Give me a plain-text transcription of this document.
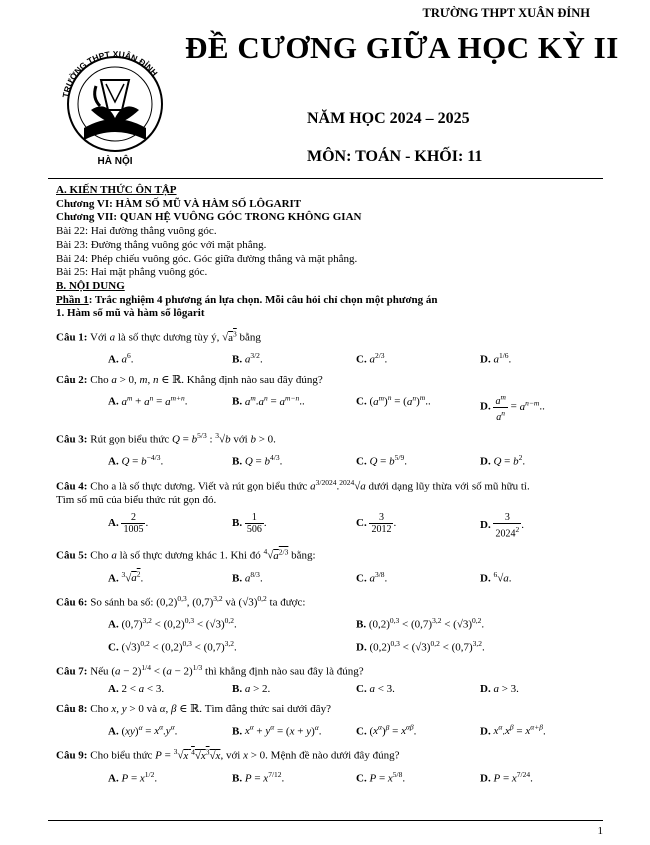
TRƯỜNG THPT XUÂN ĐỈNH
TRƯỜNG THPT XUÂN ĐỈNH
HÀ NỘI
ĐỀ CƯƠNG GIỮA HỌC KỲ II
NĂM HỌC 2024 – 2025
MÔN: TOÁN - KHỐI: 11
A. KIẾN THỨC ÔN TẬP
Chương VI: HÀM SỐ MŨ VÀ HÀM SỐ LÔGARIT
Chương VII: QUAN HỆ VUÔNG GÓC TRONG KHÔNG GIAN
Bài 22: Hai đường thẳng vuông góc.
Bài 23: Đường thẳng vuông góc với mặt phẳng.
Bài 24: Phép chiếu vuông góc. Góc giữa đường thẳng và mặt phẳng.
Bài 25: Hai mặt phẳng vuông góc.
B. NỘI DUNG
Phần 1: Trắc nghiệm 4 phương án lựa chọn. Mỗi câu hỏi chỉ chọn một phương án
1. Hàm số mũ và hàm số lôgarit
Câu 1: Với a là số thực dương tùy ý, $√a^3$ bằng
A. $a^6$.	B. $a^{3/2}$.	C. $a^{2/3}$.	D. $a^{1/6}$.
Câu 2: Cho a > 0, m, n ∈ ℝ. Khẳng định nào sau đây đúng?
A. $a^m + a^n = a^{m+n}$.	B. $a^m.a^n = a^{m-n}$..	C. $(a^m)^n = (a^n)^m$..	D. $\frac{a^m}{a^n} = a^{n-m}$..
Câu 3: Rút gọn biểu thức $Q = b^{5/3}$ : $^3$√b với b > 0.
A. $Q = b^{-4/3}$.	B. $Q = b^{4/3}$.	C. $Q = b^{5/9}$.	D. $Q = b^2$.
Câu 4: Cho a là số thực dương. Viết và rút gọn biểu thức $a^{3/2024}.^{2024}√a$ dưới dạng lũy thừa với số mũ hữu tỉ.
Tìm số mũ của biểu thức rút gọn đó.
A. $\frac{2}{1005}$ .	B. $\frac{1}{506}$ .	C. $\frac{3}{2012}$ .	D. $\frac{3}{2024^2}$ .
Câu 5: Cho a là số thực dương khác 1. Khi đó $^4√a^{2/3}$ bằng:
A. $^3√a^2$.	B. $a^{8/3}$.	C. $a^{3/8}$.	D. $^6$√a.
Câu 6: So sánh ba số: $(0,2)^{0,3}$, $(0,7)^{3,2}$ và $(√3)^{0,2}$ ta được:
A. $(0,7)^{3,2} < (0,2)^{0,3} < (√3)^{0,2}$.	B. $(0,2)^{0,3} < (0,7)^{3,2} < (√3)^{0,2}$.
C. $(√3)^{0,2} < (0,2)^{0,3} < (0,7)^{3,2}$.	D. $(0,2)^{0,3} < (√3)^{0,2} < (0,7)^{3,2}$.
Câu 7: Nếu $(a - 2)^{1/4} < (a - 2)^{1/3}$ thì khẳng định nào sau đây là đúng?
A. 2 < a < 3.	B. a > 2.	C. a < 3.	D. a > 3.
Câu 8: Cho x, y > 0 và α, β ∈ ℝ. Tìm đẳng thức sai dưới đây?
A. $(xy)^\alpha = x^\alpha.y^\alpha$.	B. $x^\alpha + y^\alpha = (x + y)^\alpha$.	C. $(x^\alpha)^\beta = x^{\alpha\beta}$.	D. $x^\alpha.x^\beta = x^{\alpha+\beta}$.
Câu 9: Cho biểu thức P = $^3$√x $^4√x^3√x$, với x > 0. Mệnh đề nào dưới đây đúng?
A. $P = x^{1/2}$.	B. $P = x^{7/12}$.	C. $P = x^{5/8}$.	D. $P = x^{7/24}$.
1
